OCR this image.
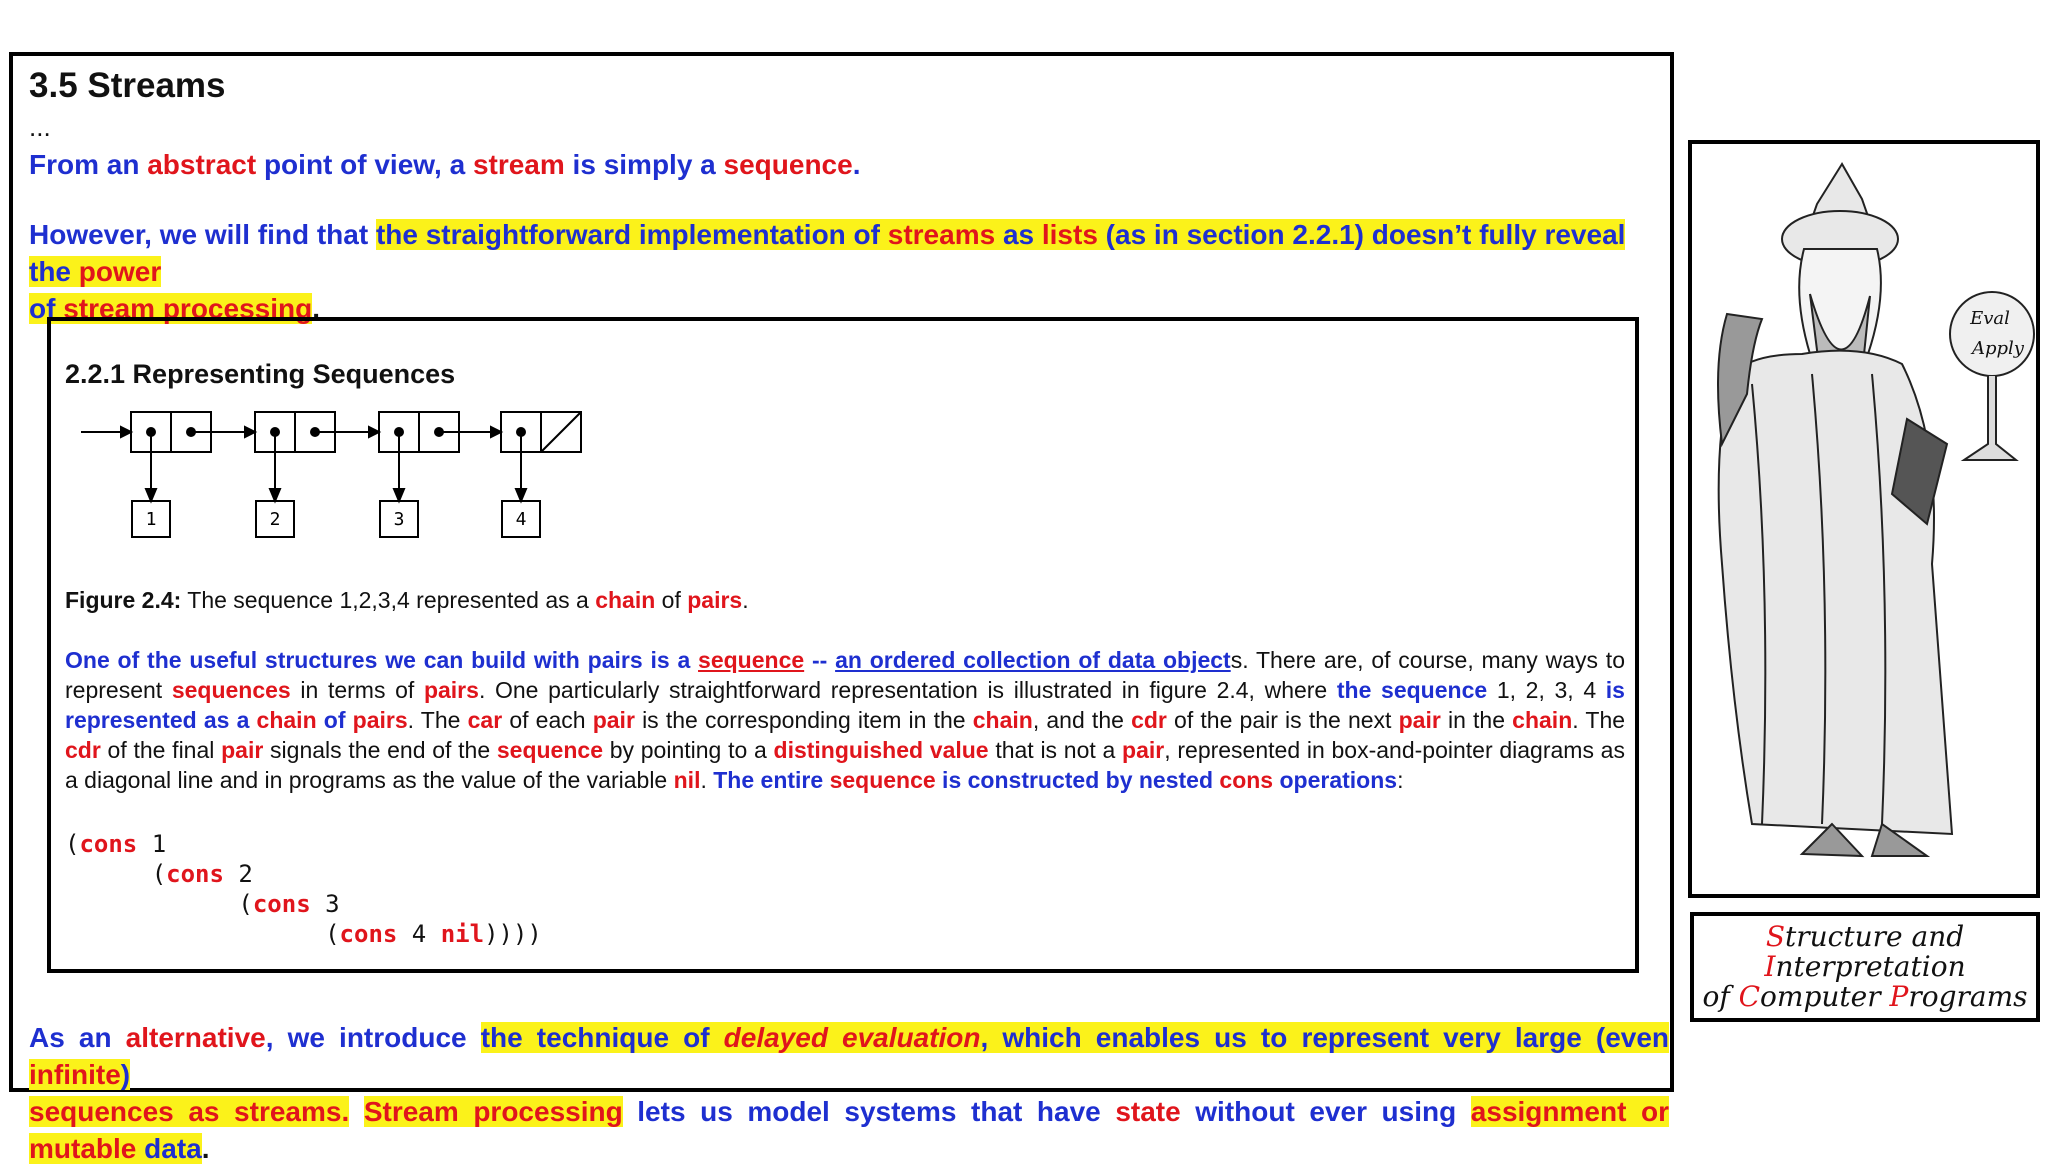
3.5 Streams
...

From an abstract point of view, a stream is simply a sequence.

However, we will find that the straightforward implementation of streams as lists (as in section 2.2.1) doesn’t fully reveal the power
of stream processing.

2.2.1 Representing Sequences
1	2	3	4
Figure 2.4: The sequence 1,2,3,4 represented as a chain of pairs.

One of the useful structures we can build with pairs is a sequence -- an ordered collection of data objects. There are, of course, many ways to represent sequences in terms of pairs. One particularly straightforward representation is illustrated in figure 2.4, where the sequence 1, 2, 3, 4 is represented as a chain of pairs. The car of each pair is the corresponding item in the chain, and the cdr of the pair is the next pair in the chain. The cdr of the final pair signals the end of the sequence by pointing to a distinguished value that is not a pair, represented in box-and-pointer diagrams as a diagonal line and in programs as the value of the variable nil. The entire sequence is constructed by nested cons operations:

(cons 1
(cons 2
(cons 3
(cons 4 nil))))

As an alternative, we introduce the technique of delayed evaluation, which enables us to represent very large (even infinite)
sequences as streams. Stream processing lets us model systems that have state without ever using assignment or mutable data.

Eval
Apply
Structure and
Interpretation
of Computer Programs
